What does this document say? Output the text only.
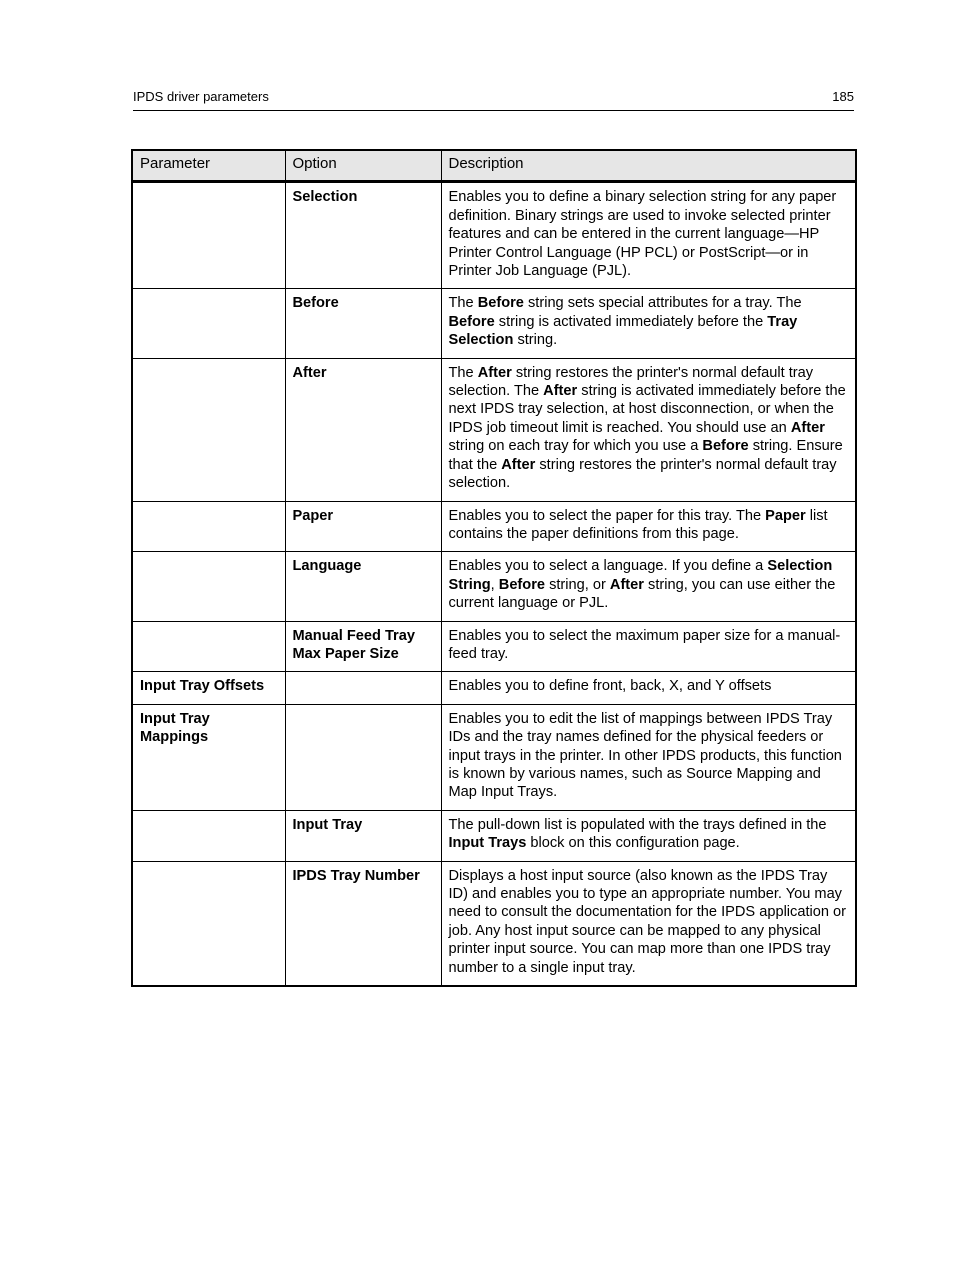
IPDS driver parameters	185
Parameter	Option	Description
	Selection	Enables you to define a binary selection string for any paper definition. Binary strings are used to invoke selected printer features and can be entered in the current language—HP Printer Control Language (HP PCL) or PostScript—or in Printer Job Language (PJL).
	Before	The Before string sets special attributes for a tray. The Before string is activated immediately before the Tray Selection string.
	After	The After string restores the printer's normal default tray selection. The After string is activated immediately before the next IPDS tray selection, at host disconnection, or when the IPDS job timeout limit is reached. You should use an After string on each tray for which you use a Before string. Ensure that the After string restores the printer's normal default tray selection.
	Paper	Enables you to select the paper for this tray. The Paper list contains the paper definitions from this page.
	Language	Enables you to select a language. If you define a Selection String, Before string, or After string, you can use either the current language or PJL.
	Manual Feed Tray Max Paper Size	Enables you to select the maximum paper size for a manual-feed tray.
Input Tray Offsets		Enables you to define front, back, X, and Y offsets
Input Tray Mappings		Enables you to edit the list of mappings between IPDS Tray IDs and the tray names defined for the physical feeders or input trays in the printer. In other IPDS products, this function is known by various names, such as Source Mapping and Map Input Trays.
	Input Tray	The pull-down list is populated with the trays defined in the Input Trays block on this configuration page.
	IPDS Tray Number	Displays a host input source (also known as the IPDS Tray ID) and enables you to type an appropriate number. You may need to consult the documentation for the IPDS application or job. Any host input source can be mapped to any physical printer input source. You can map more than one IPDS tray number to a single input tray.
